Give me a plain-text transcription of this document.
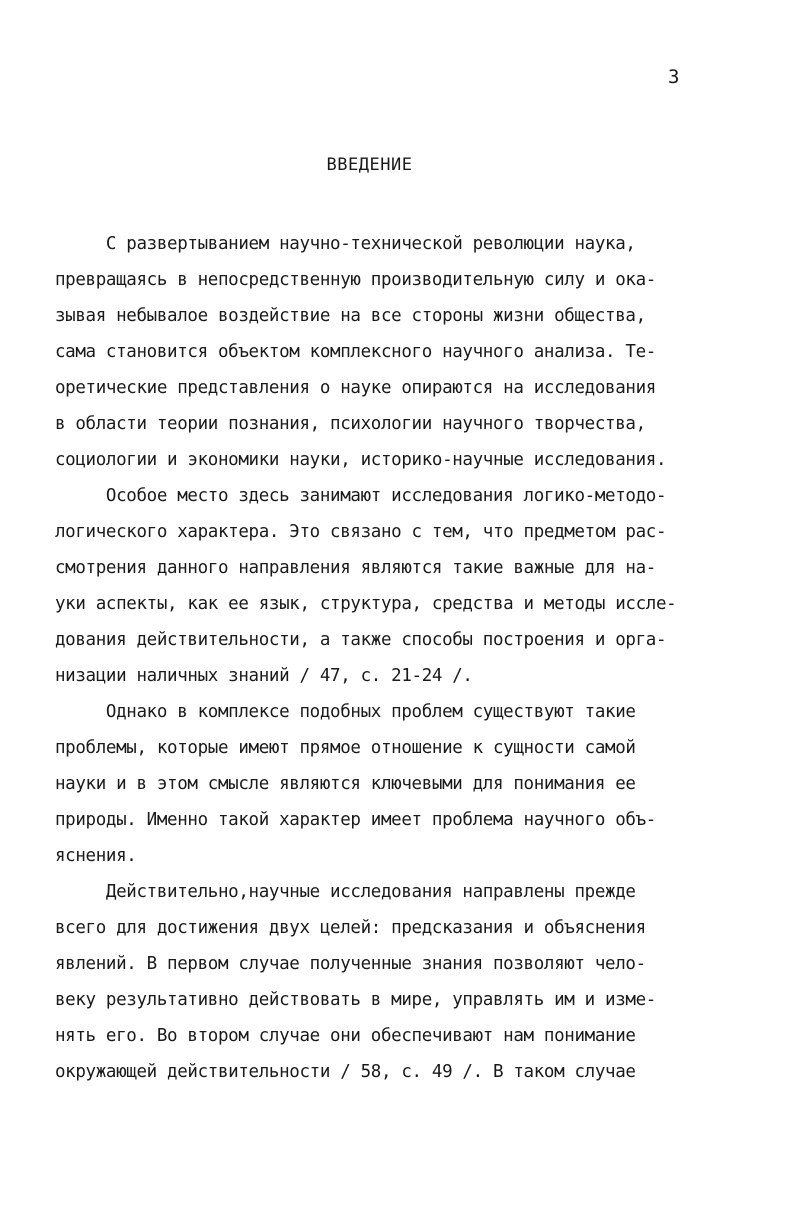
3
ВВЕДЕНИЕ
С развертыванием научно-технической революции наука,
превращаясь в непосредственную производительную силу и ока-
зывая небывалое воздействие на все стороны жизни общества,
сама становится объектом комплексного научного анализа. Те-
оретические представления о науке опираются на исследования
в области теории познания, психологии научного творчества,
социологии и экономики науки, историко-научные исследования.
Особое место здесь занимают исследования логико-методо-
логического характера. Это связано с тем, что предметом рас-
смотрения данного направления являются такие важные для на-
уки аспекты, как ее язык, структура, средства и методы иссле-
дования действительности, а также способы построения и орга-
низации наличных знаний / 47, с. 21-24 /.
Однако в комплексе подобных проблем существуют такие
проблемы, которые имеют прямое отношение к сущности самой
науки и в этом смысле являются ключевыми для понимания ее
природы. Именно такой характер имеет проблема научного объ-
яснения.
Действительно,научные исследования направлены прежде
всего для достижения двух целей: предсказания и объяснения
явлений. В первом случае полученные знания позволяют чело-
веку результативно действовать в мире, управлять им и изме-
нять его. Во втором случае они обеспечивают нам понимание
окружающей действительности / 58, с. 49 /. В таком случае
